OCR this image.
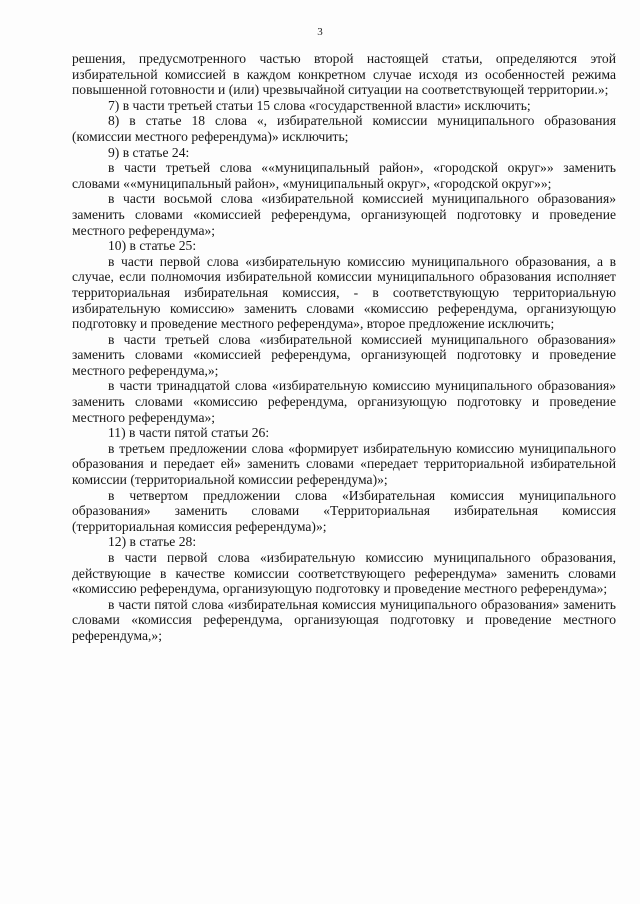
3

решения, предусмотренного частью второй настоящей статьи, определяются этой избирательной комиссией в каждом конкретном случае исходя из особенностей режима повышенной готовности и (или) чрезвычайной ситуации на соответствующей территории.»;

7) в части третьей статьи 15 слова «государственной власти» исключить;

8) в статье 18 слова «, избирательной комиссии муниципального образования (комиссии местного референдума)» исключить;

9) в статье 24:

в части третьей слова ««муниципальный район», «городской округ»» заменить словами ««муниципальный район», «муниципальный округ», «городской округ»»;

в части восьмой слова «избирательной комиссией муниципального образования» заменить словами «комиссией референдума, организующей подготовку и проведение местного референдума»;

10) в статье 25:

в части первой слова «избирательную комиссию муниципального образования, а в случае, если полномочия избирательной комиссии муниципального образования исполняет территориальная избирательная комиссия, - в соответствующую территориальную избирательную комиссию» заменить словами «комиссию референдума, организующую подготовку и проведение местного референдума», второе предложение исключить;

в части третьей слова «избирательной комиссией муниципального образования» заменить словами «комиссией референдума, организующей подготовку и проведение местного референдума,»;

в части тринадцатой слова «избирательную комиссию муниципального образования» заменить словами «комиссию референдума, организующую подготовку и проведение местного референдума»;

11) в части пятой статьи 26:

в третьем предложении слова «формирует избирательную комиссию муниципального образования и передает ей» заменить словами «передает территориальной избирательной комиссии (территориальной комиссии референдума)»;

в четвертом предложении слова «Избирательная комиссия муниципального образования» заменить словами «Территориальная избирательная комиссия (территориальная комиссия референдума)»;

12) в статье 28:

в части первой слова «избирательную комиссию муниципального образования, действующие в качестве комиссии соответствующего референдума» заменить словами «комиссию референдума, организующую подготовку и проведение местного референдума»;

в части пятой слова «избирательная комиссия муниципального образования» заменить словами «комиссия референдума, организующая подготовку и проведение местного референдума,»;
